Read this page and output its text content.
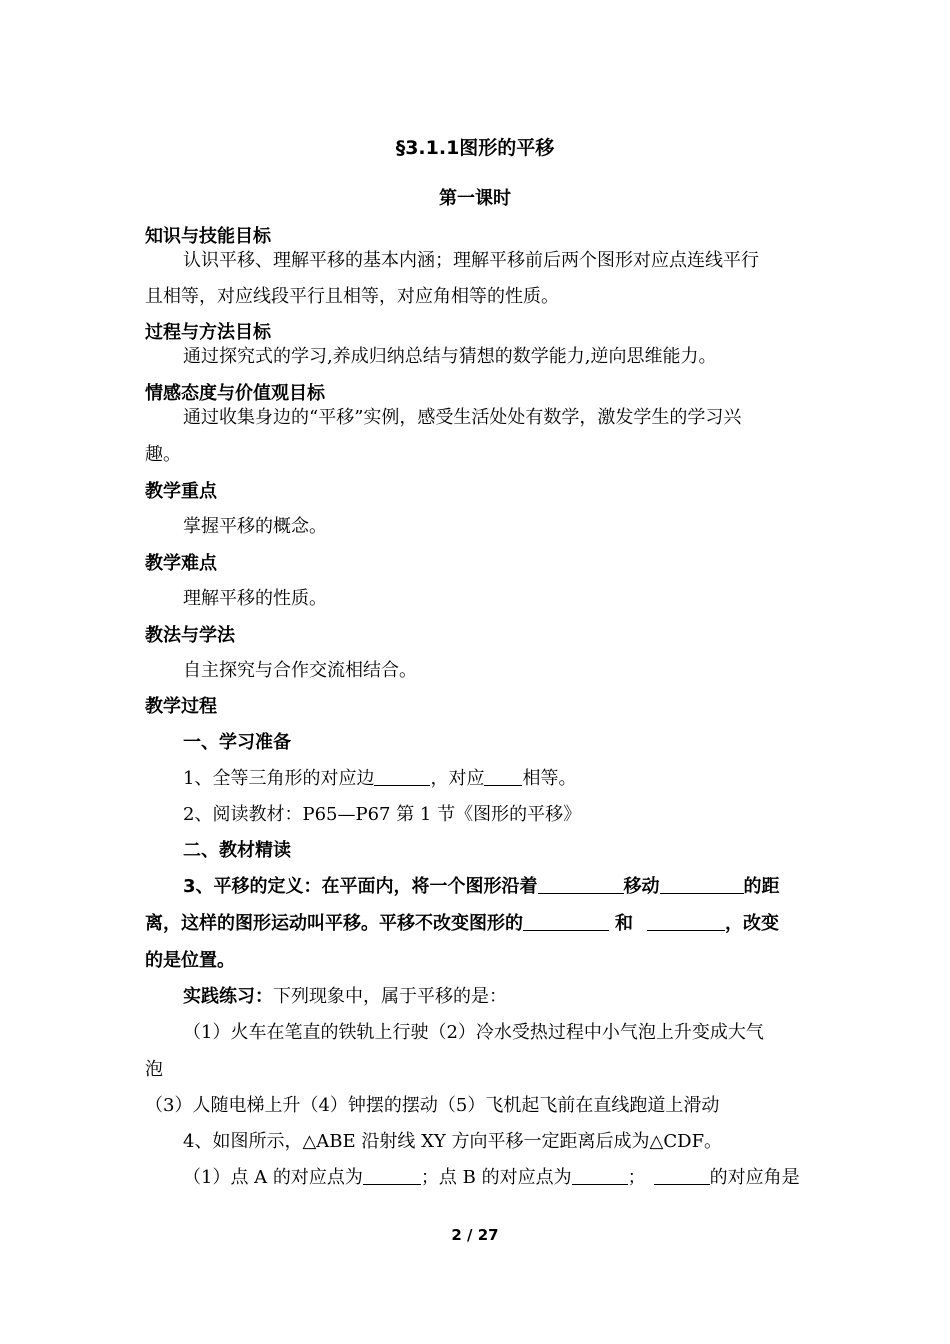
§3.1.1图形的平移
第一课时
知识与技能目标
认识平移、理解平移的基本内涵；理解平移前后两个图形对应点连线平行
且相等，对应线段平行且相等，对应角相等的性质。
过程与方法目标
通过探究式的学习,养成归纳总结与猜想的数学能力,逆向思维能力。
情感态度与价值观目标
通过收集身边的“平移”实例，感受生活处处有数学，激发学生的学习兴
趣。
教学重点
掌握平移的概念。
教学难点
理解平移的性质。
教法与学法
自主探究与合作交流相结合。
教学过程
一、学习准备
1、全等三角形的对应边	，对应 相等。
2、阅读教材：P65—P67 第 1 节《图形的平移》
二、教材精读
3、平移的定义：在平面内，将一个图形沿着	移动	的距
离，这样的图形运动叫平移。平移不改变图形的	和	，改变
的是位置。
实践练习：下列现象中，属于平移的是：
（1）火车在笔直的铁轨上行驶（2）冷水受热过程中小气泡上升变成大气
泡
（3）人随电梯上升（4）钟摆的摆动（5）飞机起飞前在直线跑道上滑动
4、如图所示，△ABE 沿射线 XY 方向平移一定距离后成为△CDF。
（1）点 A 的对应点为	；点 B 的对应点为	；	的对应角是
2 / 27
